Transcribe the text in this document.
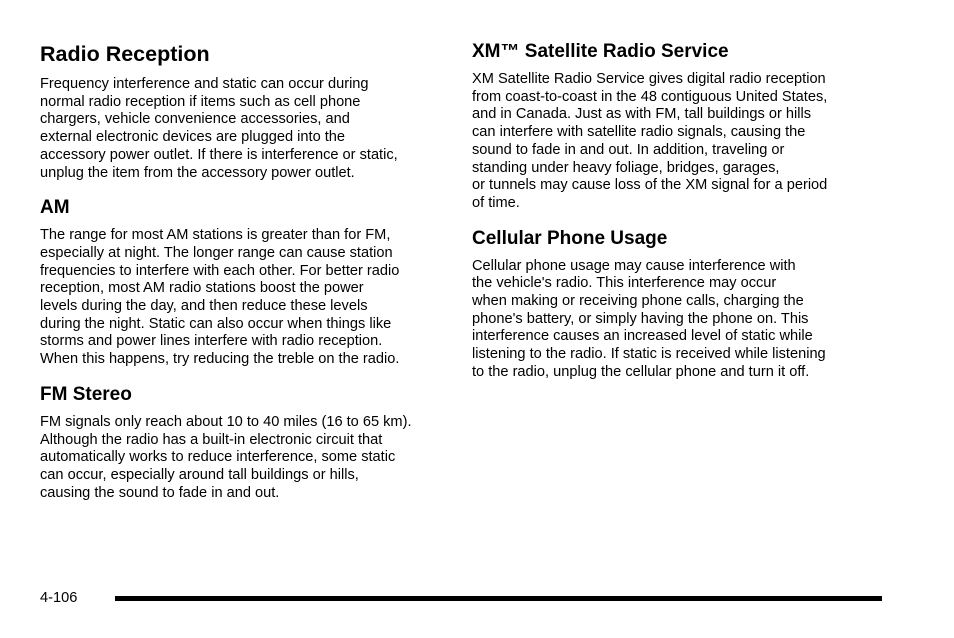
Radio Reception

Frequency interference and static can occur during
normal radio reception if items such as cell phone
chargers, vehicle convenience accessories, and
external electronic devices are plugged into the
accessory power outlet. If there is interference or static,
unplug the item from the accessory power outlet.

AM

The range for most AM stations is greater than for FM,
especially at night. The longer range can cause station
frequencies to interfere with each other. For better radio
reception, most AM radio stations boost the power
levels during the day, and then reduce these levels
during the night. Static can also occur when things like
storms and power lines interfere with radio reception.
When this happens, try reducing the treble on the radio.

FM Stereo

FM signals only reach about 10 to 40 miles (16 to 65 km).
Although the radio has a built-in electronic circuit that
automatically works to reduce interference, some static
can occur, especially around tall buildings or hills,
causing the sound to fade in and out.

XM™ Satellite Radio Service

XM Satellite Radio Service gives digital radio reception
from coast-to-coast in the 48 contiguous United States,
and in Canada. Just as with FM, tall buildings or hills
can interfere with satellite radio signals, causing the
sound to fade in and out. In addition, traveling or
standing under heavy foliage, bridges, garages,
or tunnels may cause loss of the XM signal for a period
of time.

Cellular Phone Usage

Cellular phone usage may cause interference with
the vehicle's radio. This interference may occur
when making or receiving phone calls, charging the
phone's battery, or simply having the phone on. This
interference causes an increased level of static while
listening to the radio. If static is received while listening
to the radio, unplug the cellular phone and turn it off.

4-106
